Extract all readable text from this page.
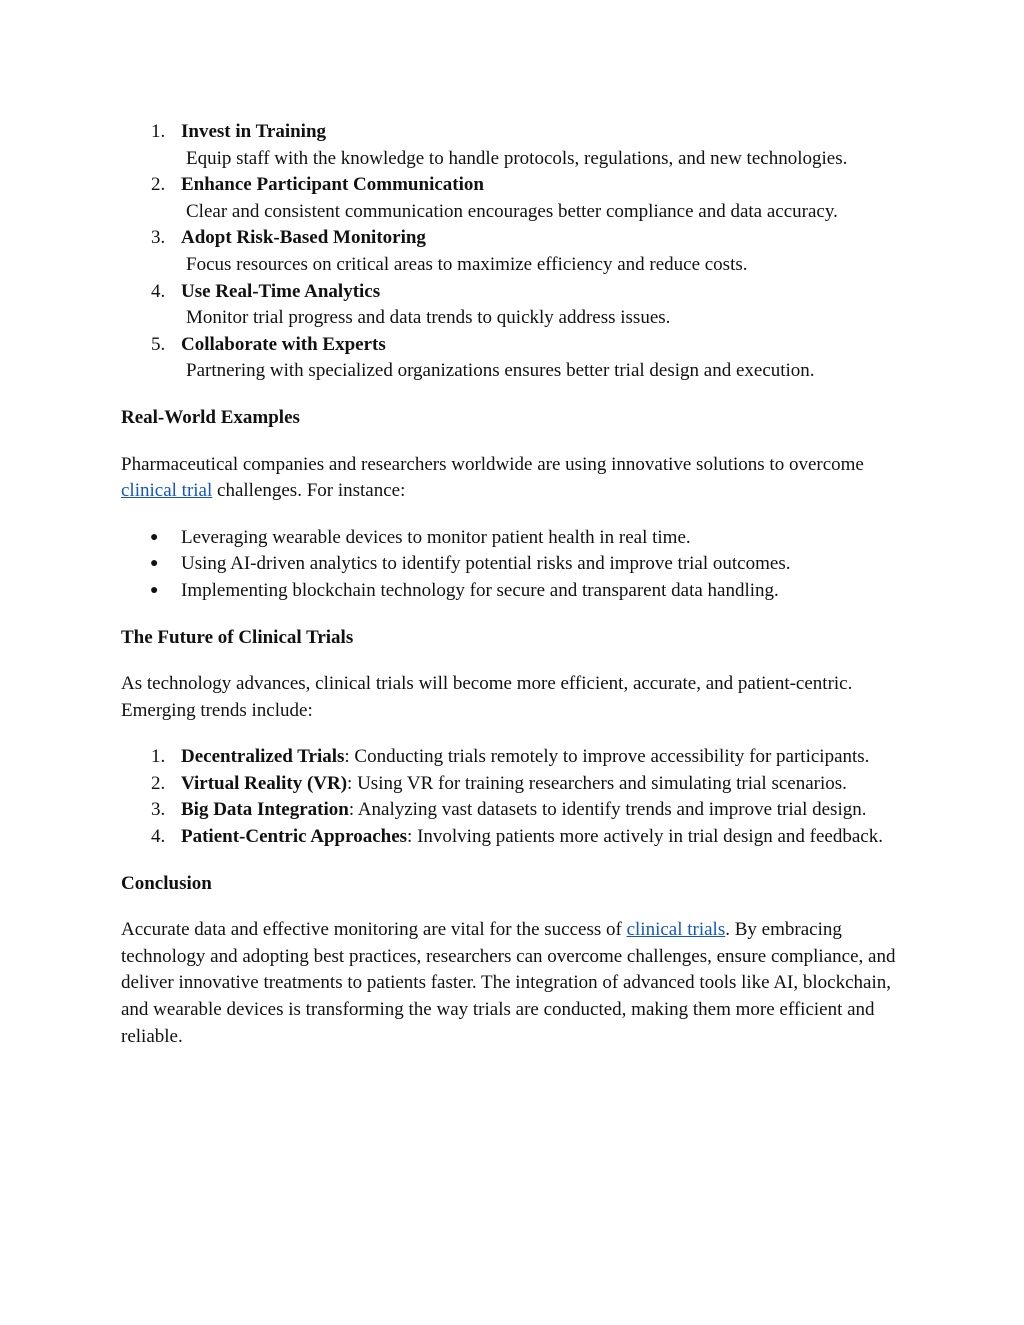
1. Invest in Training
Equip staff with the knowledge to handle protocols, regulations, and new technologies.
2. Enhance Participant Communication
Clear and consistent communication encourages better compliance and data accuracy.
3. Adopt Risk-Based Monitoring
Focus resources on critical areas to maximize efficiency and reduce costs.
4. Use Real-Time Analytics
Monitor trial progress and data trends to quickly address issues.
5. Collaborate with Experts
Partnering with specialized organizations ensures better trial design and execution.

Real-World Examples

Pharmaceutical companies and researchers worldwide are using innovative solutions to overcome clinical trial challenges. For instance:

● Leveraging wearable devices to monitor patient health in real time.
● Using AI-driven analytics to identify potential risks and improve trial outcomes.
● Implementing blockchain technology for secure and transparent data handling.

The Future of Clinical Trials

As technology advances, clinical trials will become more efficient, accurate, and patient-centric. Emerging trends include:

1. Decentralized Trials: Conducting trials remotely to improve accessibility for participants.
2. Virtual Reality (VR): Using VR for training researchers and simulating trial scenarios.
3. Big Data Integration: Analyzing vast datasets to identify trends and improve trial design.
4. Patient-Centric Approaches: Involving patients more actively in trial design and feedback.

Conclusion

Accurate data and effective monitoring are vital for the success of clinical trials. By embracing technology and adopting best practices, researchers can overcome challenges, ensure compliance, and deliver innovative treatments to patients faster. The integration of advanced tools like AI, blockchain, and wearable devices is transforming the way trials are conducted, making them more efficient and reliable.
